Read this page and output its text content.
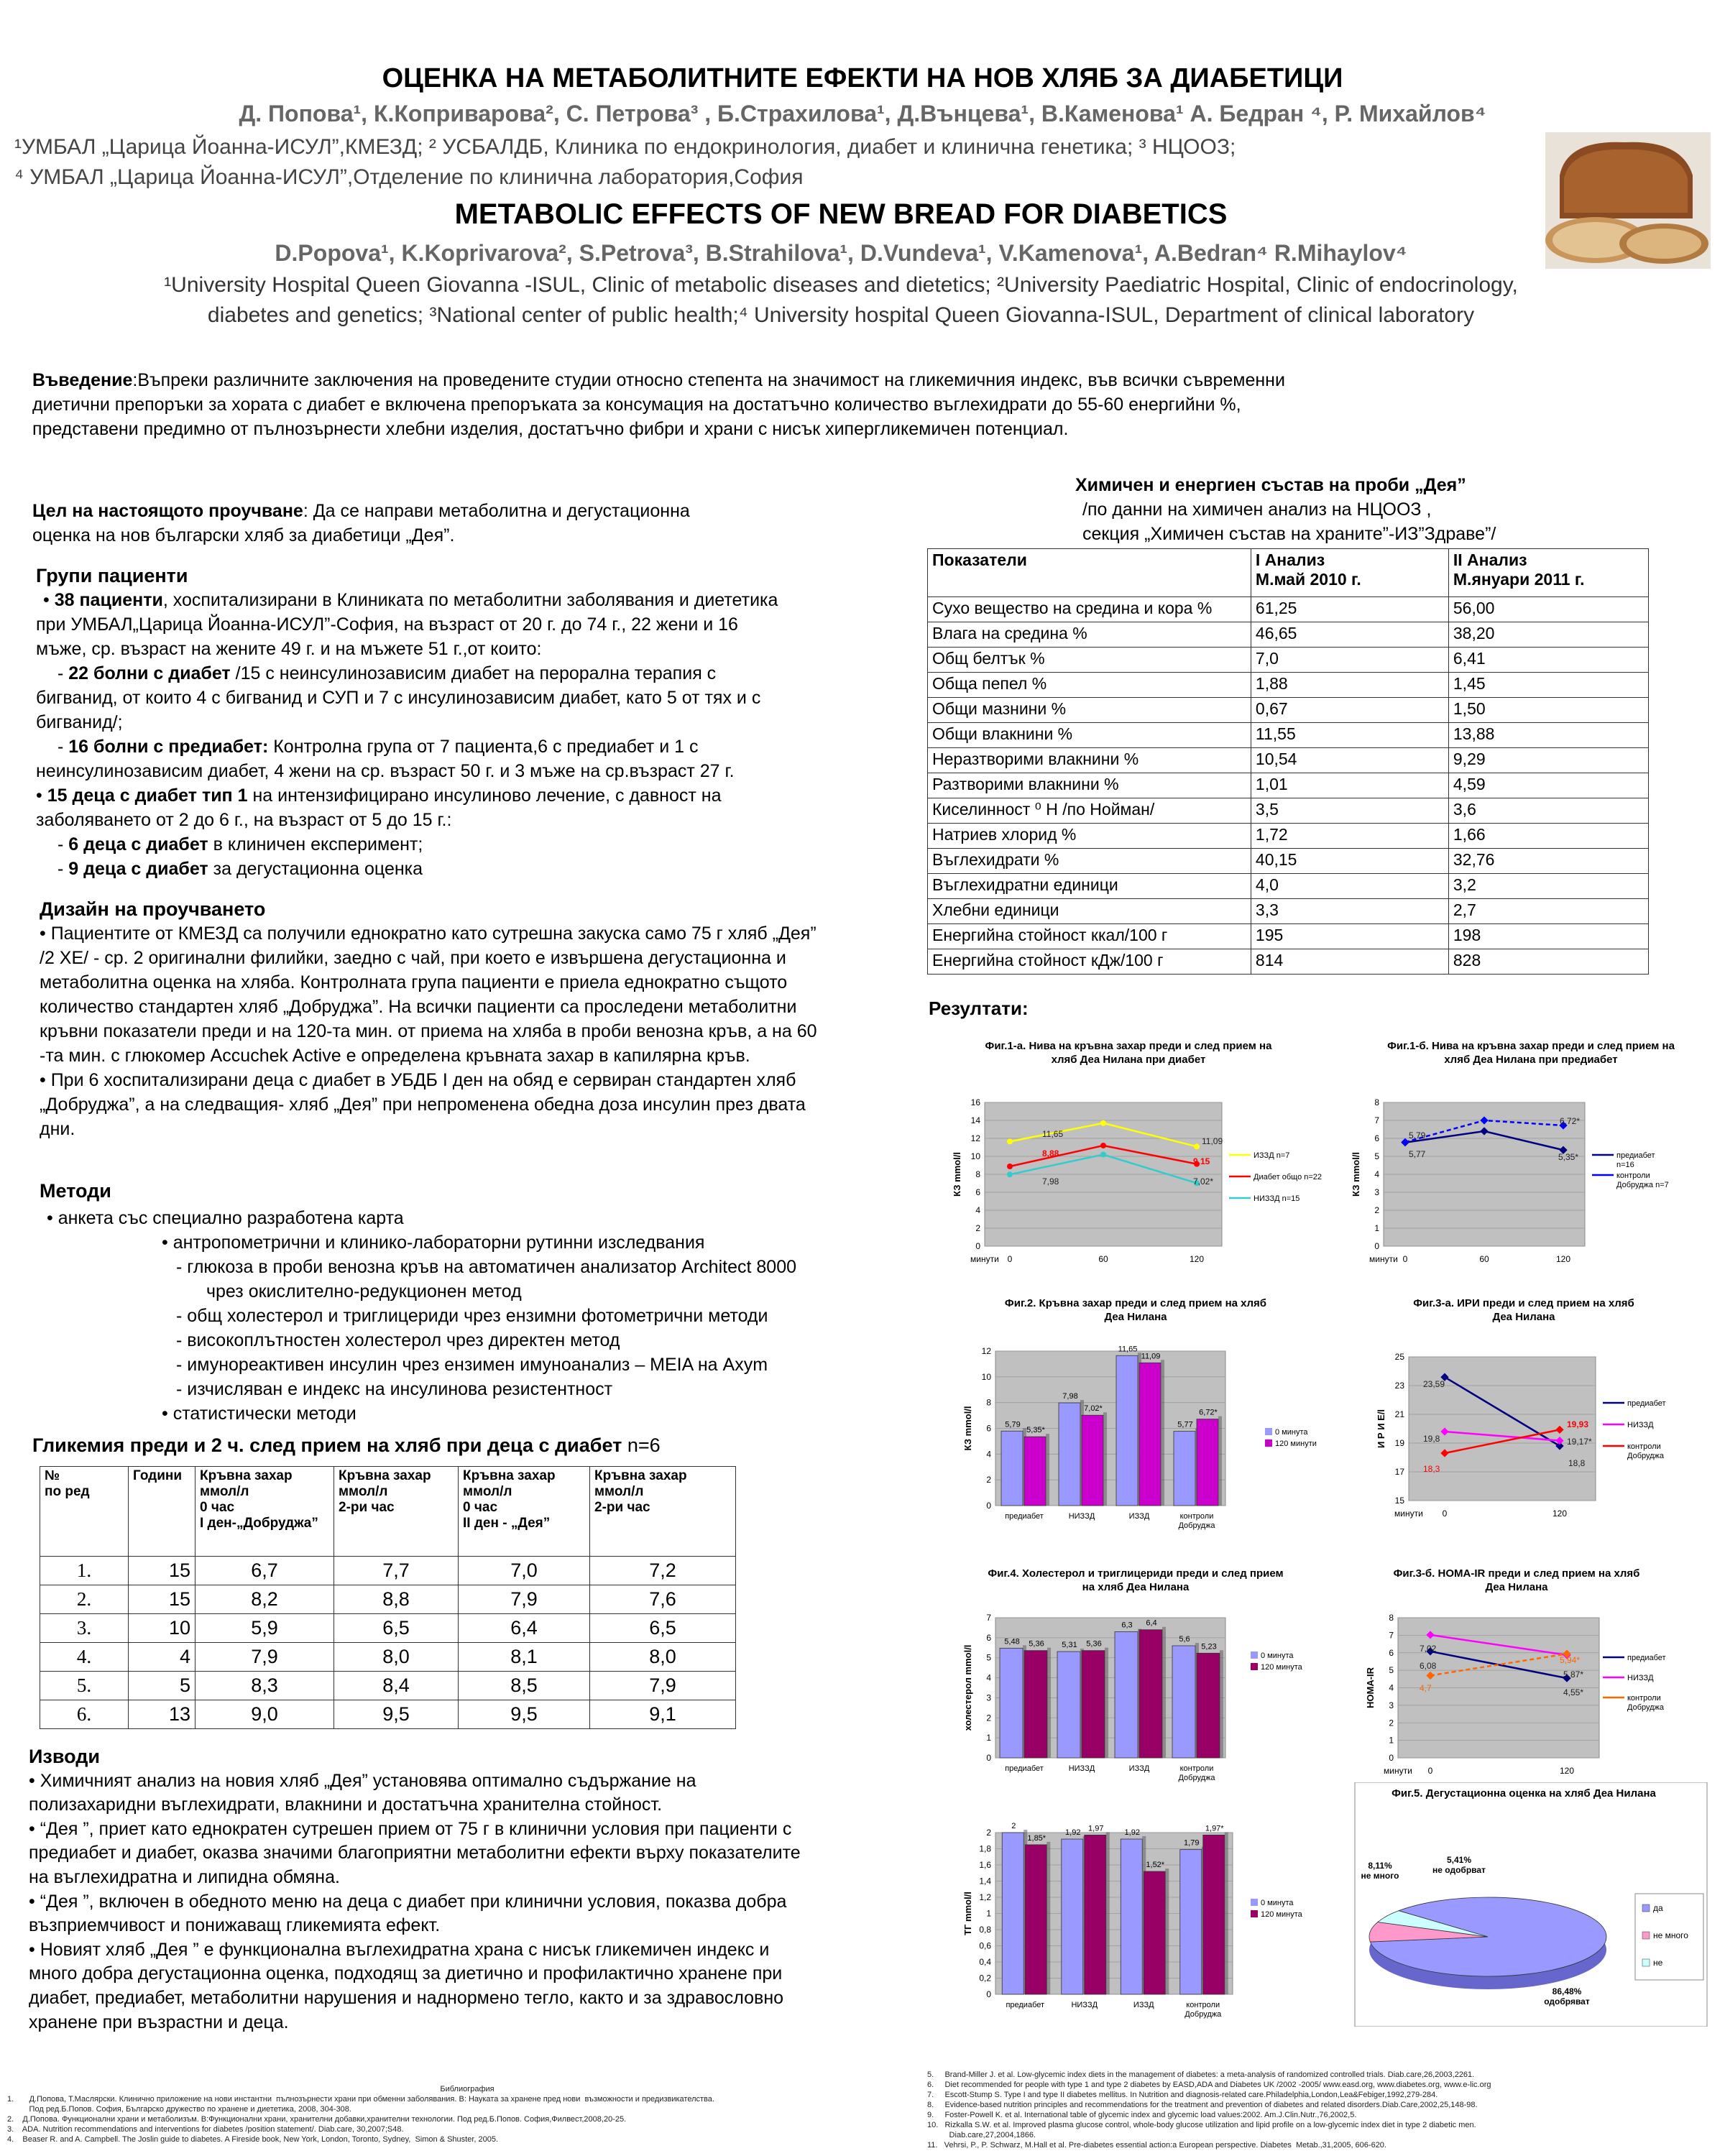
ОЦЕНКА НА МЕТАБОЛИТНИТЕ ЕФЕКТИ НА НОВ ХЛЯБ ЗА ДИАБЕТИЦИ
Д. Попова¹, К.Коприварова², С. Петрова³ , Б.Страхилова¹, Д.Вънцева¹, В.Каменова¹ А. Бедран ⁴, Р. Михайлов⁴
¹УМБАЛ „Царица Йоанна-ИСУЛ”,КМЕЗД; ² УСБАЛДБ, Клиника по ендокринология, диабет и клинична генетика; ³ НЦООЗ;
⁴ УМБАЛ „Царица Йоанна-ИСУЛ”,Отделение по клинична лаборатория,София
METABOLIC EFFECTS OF NEW BREAD FOR DIABETICS
D.Popova¹, K.Koprivarova², S.Petrova³, B.Strahilova¹, D.Vundeva¹, V.Kamenova¹, A.Bedran⁴ R.Mihaylov⁴
¹University Hospital Queen Giovanna -ISUL, Clinic of metabolic diseases and dietetics; ²University Paediatric Hospital, Clinic of endocrinology,
diabetes and genetics; ³National center of public health;⁴ University hospital Queen Giovanna-ISUL, Department of clinical laboratory
Въведение:Въпреки различните заключения на проведените студии относно степента на значимост на гликемичния индекс, във всички съвременни
диетични препоръки за хората с диабет е включена препоръката за консумация на достатъчно количество въглехидрати до 55-60 енергийни %,
представени предимно от пълнозърнести хлебни изделия, достатъчно фибри и храни с нисък хипергликемичен потенциал.
Цел на настоящото проучване: Да се направи метаболитна и дегустационна
оценка на нов български хляб за диабетици „Дея”.
Групи пациенти
• 38 пациенти, хоспитализирани в Клиниката по метаболитни заболявания и диететика
при УМБАЛ„Царица Йоанна-ИСУЛ”-София, на възраст от 20 г. до 74 г., 22 жени и 16
мъже, ср. възраст на жените 49 г. и на мъжете 51 г.,от които:
- 22 болни с диабет /15 с неинсулинозависим диабет на перорална терапия с
бигванид, от които 4 с бигванид и СУП и 7 с инсулинозависим диабет, като 5 от тях и с
бигванид/;
- 16 болни с предиабет: Контролна група от 7 пациента,6 с предиабет и 1 с
неинсулинозависим диабет, 4 жени на ср. възраст 50 г. и 3 мъже на ср.възраст 27 г.
• 15 деца с диабет тип 1 на интензифицирано инсулиново лечение, с давност на
заболяването от 2 до 6 г., на възраст от 5 до 15 г.:
- 6 деца с диабет в клиничен експеримент;
- 9 деца с диабет за дегустационна оценка
Дизайн на проучването
• Пациентите от КМЕЗД са получили еднократно като сутрешна закуска само 75 г хляб „Дея”
/2 ХЕ/ - ср. 2 оригинални филийки, заедно с чай, при което е извършена дегустационна и
метаболитна оценка на хляба. Контролната група пациенти е приела еднократно същото
количество стандартен хляб „Добруджа”. На всички пациенти са проследени метаболитни
кръвни показатели преди и на 120-та мин. от приема на хляба в проби венозна кръв, а на 60
-та мин. с глюкомер Accuchek Active е определена кръвната захар в капилярна кръв.
• При 6 хоспитализирани деца с диабет в УБДБ I ден на обяд е сервиран стандартен хляб
„Добруджа”, а на следващия- хляб „Дея” при непроменена обедна доза инсулин през двата
дни.
Методи
• анкета със специално разработена карта
• антропометрични и клинико-лабораторни рутинни изследвания
- глюкоза в проби венозна кръв на автоматичен анализатор Architect 8000
чрез окислително-редукционен метод
- общ холестерол и триглицериди чрез ензимни фотометрични методи
- високоплътностен холестерол чрез директен метод
- имунореактивен инсулин чрез ензимен имуноанализ – MEIA на Axym
- изчисляван е индекс на инсулинова резистентност
• статистически методи
Гликемия преди и 2 ч. след прием на хляб при деца с диабет n=6
№
по ред	Години	Кръвна захар
ммол/л
0 час
I ден-„Добруджа”	Кръвна захар
ммол/л
2-ри час	Кръвна захар
ммол/л
0 час
II ден - „Дея”	Кръвна захар
ммол/л
2-ри час
1.	15	6,7	7,7	7,0	7,2
2.	15	8,2	8,8	7,9	7,6
3.	10	5,9	6,5	6,4	6,5
4.	4	7,9	8,0	8,1	8,0
5.	5	8,3	8,4	8,5	7,9
6.	13	9,0	9,5	9,5	9,1
Изводи
• Химичният анализ на новия хляб „Дея” установява оптимално съдържание на
полизахаридни въглехидрати, влакнини и достатъчна хранителна стойност.
• “Дея ”, приет като еднократен сутрешен прием от 75 г в клинични условия при пациенти с
предиабет и диабет, оказва значими благоприятни метаболитни ефекти върху показателите
на въглехидратна и липидна обмяна.
• “Дея ”, включен в обедното меню на деца с диабет при клинични условия, показва добра
възприемчивост и понижаващ гликемията ефект.
• Новият хляб „Дея ” е функционална въглехидратна храна с нисък гликемичен индекс и
много добра дегустационна оценка, подходящ за диетично и профилактично хранене при
диабет, предиабет, метаболитни нарушения и наднормено тегло, както и за здравословно
хранене при възрастни и деца.
Химичен и енергиен състав на проби „Дея”
/по данни на химичен анализ на НЦООЗ ,
секция „Химичен състав на храните”-ИЗ”Здраве”/
Показатели	I Анализ
М.май 2010 г.	II Анализ
М.януари 2011 г.
Сухо вещество на средина и кора %	61,25	56,00
Влага на средина %	46,65	38,20
Общ белтък %	7,0	6,41
Обща пепел %	1,88	1,45
Общи мазнини %	0,67	1,50
Общи влакнини %	11,55	13,88
Неразтворими влакнини %	10,54	9,29
Разтворими влакнини %	1,01	4,59
Киселинност ⁰ Н /по Нойман/	3,5	3,6
Натриев хлорид %	1,72	1,66
Въглехидрати %	40,15	32,76
Въглехидратни единици	4,0	3,2
Хлебни единици	3,3	2,7
Енергийна стойност ккал/100 г	195	198
Енергийна стойност кДж/100 г	814	828
Резултати:
Фиг.1-а. Нива на кръвна захар преди и след прием на хляб Деа Нилана при диабет
0
2
4
6
8
10
12
14
16
КЗ mmol/l
минути 0	60	120
ИЗЗД n=7
Диабет общо n=22
НИЗЗД n=15
11,65
11,09
8,88
9,15
7,98	7,02*
Фиг.1-б. Нива на кръвна захар преди и след прием на хляб Деа Нилана при предиабет
0
1
2
3
4
5
6
7
8
КЗ mmol/l
минути 0	60	120
предиабет n=16
контроли Добруджа n=7
5,79
5,77
6,72*
5,35*
Фиг.2. Кръвна захар преди и след прием на хляб Деа Нилана
0
2
4
6
8
10
12
КЗ mmol/l	5,79
5,35*
предиабет
7,98
7,02*
НИЗЗД
11,65
11,09
ИЗЗД
5,77
6,72*
контроли Добруджа
0 минута
120 минути
Фиг.3-а. ИРИ преди и след прием на хляб Деа Нилана
15
17
19
21
23
25
И Р И Е/l
минути 0	120
предиабет
НИЗЗД
контроли Добруджа
23,59
19,8
18,3
19,93
19,17*
18,8
Фиг.4. Холестерол и триглицериди преди и след прием на хляб Деа Нилана
0
1
2
3
4
5
6
7
холестерол mmol/l
5,48 5,36
предиабет
5,31 5,36
НИЗЗД
6,3 6,4
ИЗЗД
5,6
5,23
контроли Добруджа
0 минута
120 минута
Фиг.3-б. HOMA-IR преди и след прием на хляб Деа Нилана
0
1
2
3
4
5
6
7
8
НОМА-IR
минути 0	120
предиабет
НИЗЗД
контроли Добруджа
7,02
6,08
4,7
5,94*
5,87*
4,55*
0
0,2
0,4
0,6
0,8
1
1,2
1,4
1,6
1,8
2
ТГ mmol/l
2
1,85*
предиабет
1,92 1,97
НИЗЗД
1,92
1,52*
ИЗЗД
1,79
1,97*
контроли Добруджа
0 минута
120 минута
Фиг.5. Дегустационна оценка на хляб Деа Нилана
86,48% одобряват
8,11% не много
5,41% не одобрват
да
не много
не
Библиография
1.       Д.Попова, Т.Маслярски. Клинично приложение на нови инстантни  пълнозърнести храни при обменни заболявания. В: Науката за хранене пред нови  възможности и предизвикателства.
Под ред.Б.Попов. София, Българско дружество по хранене и диететика, 2008, 304-308.
2.    Д.Попова. Функционални храни и метаболизъм. В:Функционални храни, хранителни добавки,хранителни технологии. Под ред.Б.Попов. София,Филвест,2008,20-25.
3.    ADA. Nutrition recommendations and interventions for diabetes /position statement/. Diab.care, 30,2007;S48.
4.    Beaser R. and A. Campbell. The Joslin guide to diabetes. A Fireside book, New York, London, Toronto, Sydney,  Simon & Shuster, 2005.
5.     Brand-Miller J. et al. Low-glycemic index diets in the management of diabetes: a meta-analysis of randomized controlled trials. Diab.care,26,2003,2261.
6.     Diet recommended for people with type 1 and type 2 diabetes by EASD,ADA and Diabetes UK /2002 -2005/ www.easd.org, www.diabetes.org, www.e-lic.org
7.     Escott-Stump S. Type I and type II diabetes mellitus. In Nutrition and diagnosis-related care.Philadelphia,London,Lea&Febiger,1992,279-284.
8.     Evidence-based nutrition principles and recommendations for the treatment and prevention of diabetes and related disorders.Diab.Care,2002,25,148-98.
9.     Foster-Powell K. et al. International table of glycemic index and glycemic load values:2002. Am.J.Clin.Nutr.,76,2002,5.
10.   Rizkalla S.W. et al. Improved plasma glucose control, whole-body glucose utilization and lipid profile on a low-glycemic index diet in type 2 diabetic men.
Diab.care,27,2004,1866.
11.   Vehrsi, P., P. Schwarz, M.Hall et al. Pre-diabetes essential action:a European perspective. Diabetes  Metab.,31,2005, 606-620.
